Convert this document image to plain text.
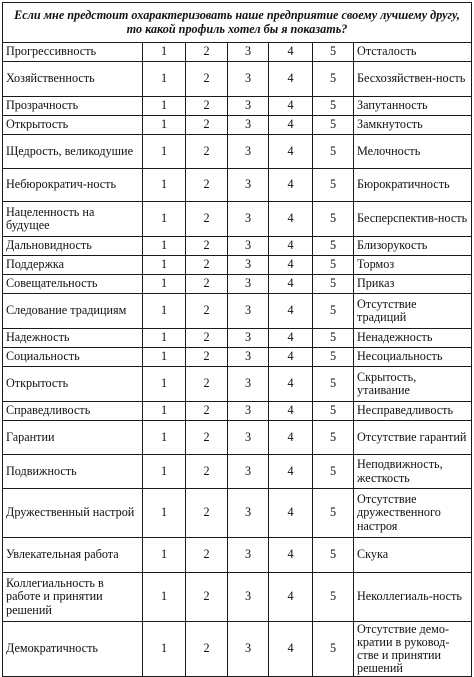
Если мне предстоит охарактеризовать наше предприятие своему лучшему другу, то какой профиль хотел бы я показать?						
Прогрессивность	1	2	3	4	5	Отсталость
Хозяйственность	1	2	3	4	5	Бесхозяйствен-ность
Прозрачность	1	2	3	4	5	Запутанность
Открытость	1	2	3	4	5	Замкнутость
Щедрость, великодушие	1	2	3	4	5	Мелочность
Небюрократич-ность	1	2	3	4	5	Бюрократичность
Нацеленность на будущее	1	2	3	4	5	Бесперспектив-ность
Дальновидность	1	2	3	4	5	Близорукость
Поддержка	1	2	3	4	5	Тормоз
Совещательность	1	2	3	4	5	Приказ
Следование традициям	1	2	3	4	5	Отсутствие традиций
Надежность	1	2	3	4	5	Ненадежность
Социальность	1	2	3	4	5	Несоциальность
Открытость	1	2	3	4	5	Скрытость, утаивание
Справедливость	1	2	3	4	5	Несправедливость
Гарантии	1	2	3	4	5	Отсутствие гарантий
Подвижность	1	2	3	4	5	Неподвижность, жесткость
Дружественный настрой	1	2	3	4	5	Отсутствие дружественного настроя
Увлекательная работа	1	2	3	4	5	Скука
Коллегиальность в работе и принятии решений	1	2	3	4	5	Неколлегиаль-ность
Демократичность	1	2	3	4	5	Отсутствие демо-кратии в руковод-стве и принятии решений
